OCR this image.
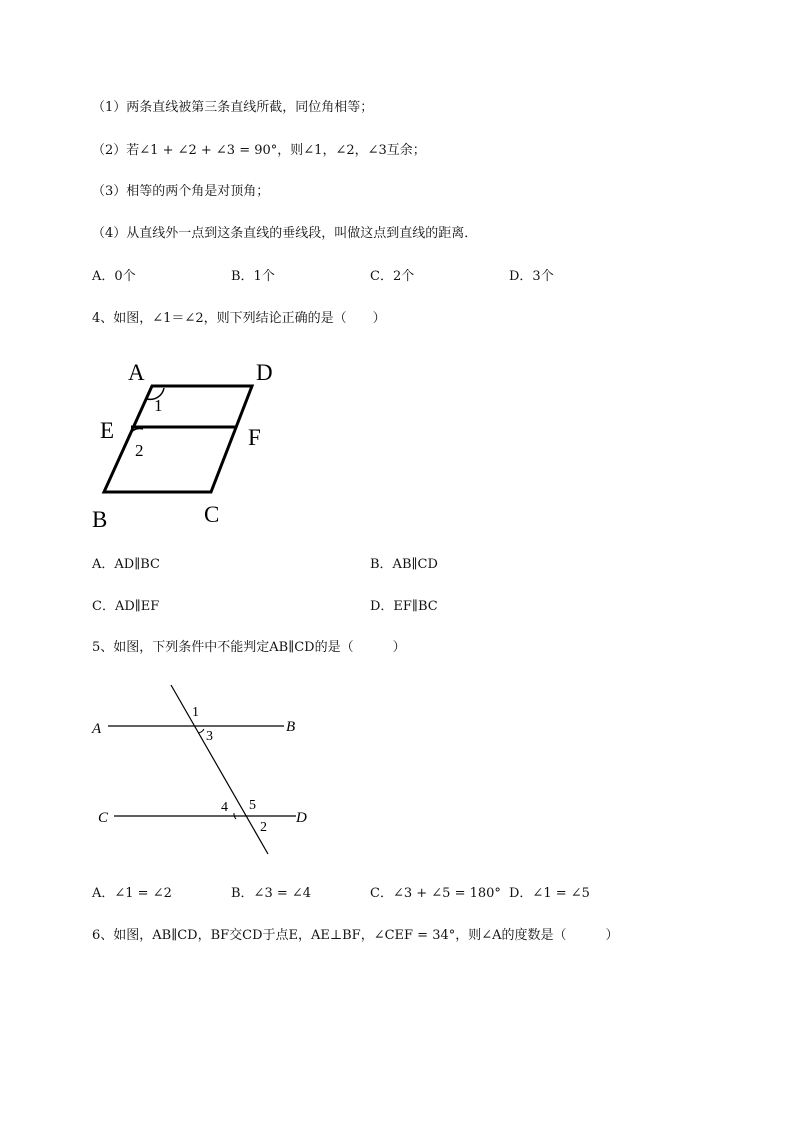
（1）两条直线被第三条直线所截，同位角相等；
（2）若∠1 + ∠2 + ∠3 = 90°，则∠1，∠2，∠3互余；
（3）相等的两个角是对顶角；
（4）从直线外一点到这条直线的垂线段，叫做这点到直线的距离．
A．0个	B．1个	C．2个	D．3个
4、如图，∠1＝∠2，则下列结论正确的是（　　）
A	D
E	F
B	C
1
2
A．AD∥BC	B．AB∥CD
C．AD∥EF	D．EF∥BC
5、如图，下列条件中不能判定AB∥CD的是（　　　）
A	B
C	D
1
3
4 5
2
A．∠1 = ∠2	B．∠3 = ∠4	C．∠3 + ∠5 = 180° D．∠1 = ∠5
6、如图，AB∥CD，BF交CD于点E，AE⊥BF，∠CEF = 34°，则∠A的度数是（　　　）
